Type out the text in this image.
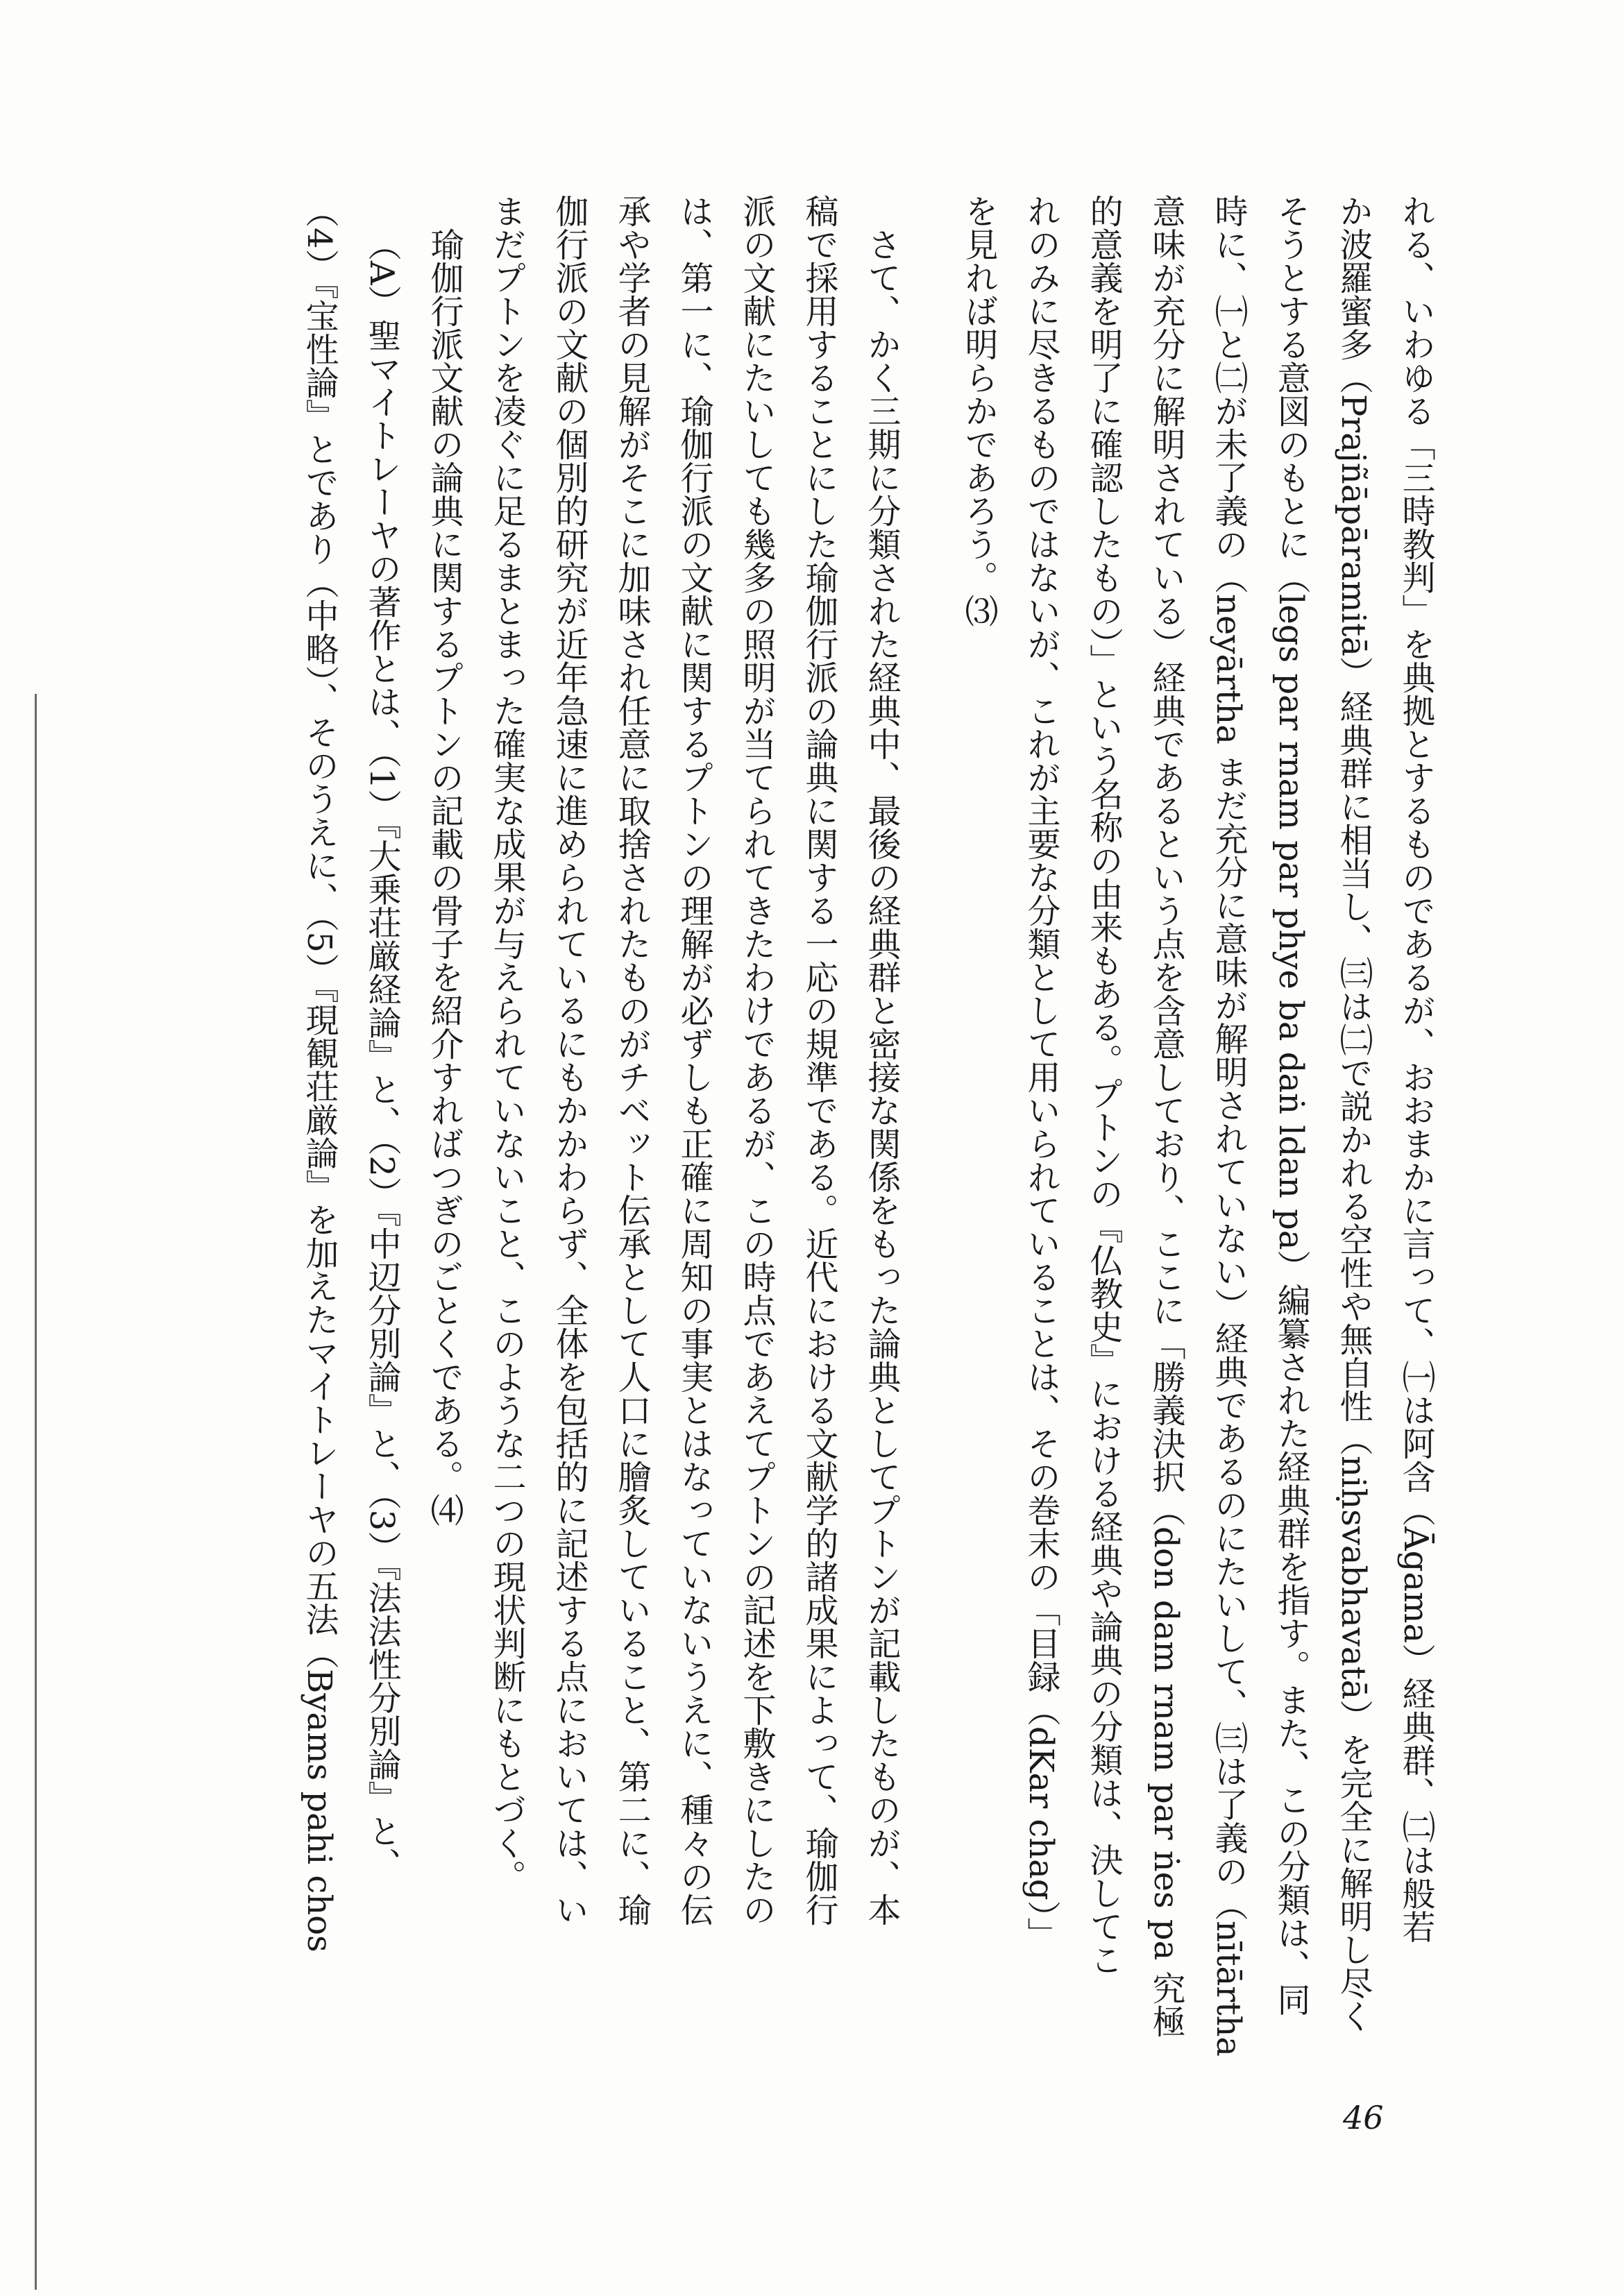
れる、いわゆる「三時教判」を典拠とするものであるが、おおまかに言って、㈠は阿含（Āgama）経典群、㈡は般若
か波羅蜜多（Prajñāpāramitā）経典群に相当し、㈢は㈡で説かれる空性や無自性（niḥsvabhavatā）を完全に解明し尽く
そうとする意図のもとに（legs par rnam par phye ba daṅ ldan pa）編纂された経典群を指す。また、この分類は、同
時に、㈠と㈡が未了義の（neyārtha まだ充分に意味が解明されていない）経典であるのにたいして、㈢は了義の（nītārtha
意味が充分に解明されている）経典であるという点を含意しており、ここに「勝義決択（don dam rnam par ṅes pa 究極
的意義を明了に確認したもの）」という名称の由来もある。プトンの『仏教史』における経典や論典の分類は、決してこ
れのみに尽きるものではないが、これが主要な分類として用いられていることは、その巻末の「目録（dKar chag）」
を見れば明らかであろう。⑶
さて、かく三期に分類された経典中、最後の経典群と密接な関係をもった論典としてプトンが記載したものが、本
稿で採用することにした瑜伽行派の論典に関する一応の規準である。近代における文献学的諸成果によって、瑜伽行
派の文献にたいしても幾多の照明が当てられてきたわけであるが、この時点であえてプトンの記述を下敷きにしたの
は、第一に、瑜伽行派の文献に関するプトンの理解が必ずしも正確に周知の事実とはなっていないうえに、種々の伝
承や学者の見解がそこに加味され任意に取捨されたものがチベット伝承として人口に膾炙していること、第二に、瑜
伽行派の文献の個別的研究が近年急速に進められているにもかかわらず、全体を包括的に記述する点においては、い
まだプトンを凌ぐに足るまとまった確実な成果が与えられていないこと、このような二つの現状判断にもとづく。
瑜伽行派文献の論典に関するプトンの記載の骨子を紹介すればつぎのごとくである。⑷
（A）聖マイトレーヤの著作とは、（1）『大乗荘厳経論』と、（2）『中辺分別論』と、（3）『法法性分別論』と、
（4）『宝性論』とであり（中略）、そのうえに、（5）『現観荘厳論』を加えたマイトレーヤの五法（Byams pahi chos
46
